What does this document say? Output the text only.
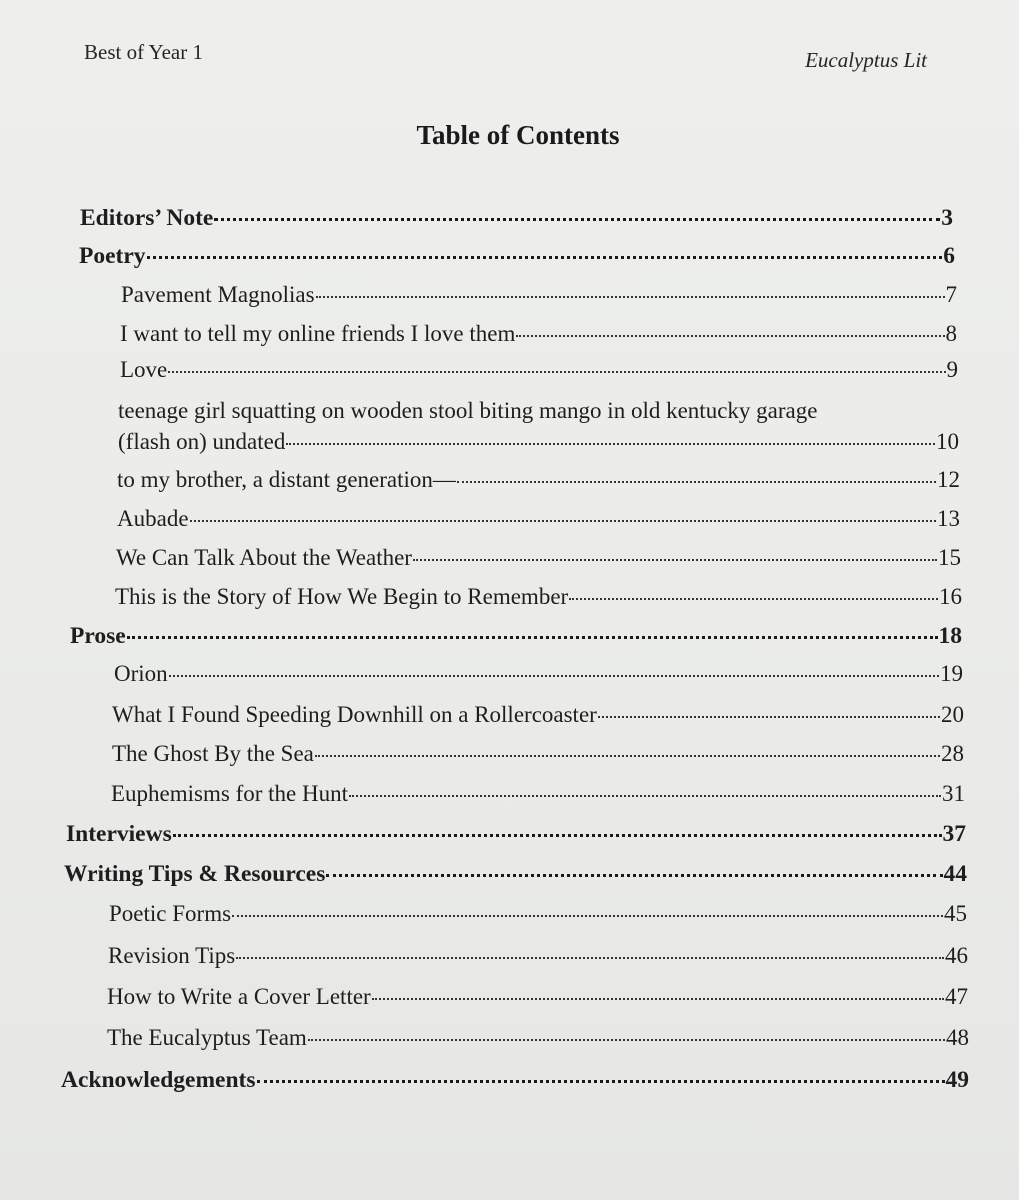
Best of Year 1	Eucalyptus Lit
Table of Contents
Editors’ Note	3
Poetry	6
Pavement Magnolias	7
I want to tell my online friends I love them	8
Love	9
teenage girl squatting on wooden stool biting mango in old kentucky garage
(flash on) undated	10
to my brother, a distant generation—	12
Aubade	13
We Can Talk About the Weather	15
This is the Story of How We Begin to Remember	16
Prose	18
Orion	19
What I Found Speeding Downhill on a Rollercoaster	20
The Ghost By the Sea	28
Euphemisms for the Hunt	31
Interviews	37
Writing Tips & Resources	44
Poetic Forms	45
Revision Tips	46
How to Write a Cover Letter	47
The Eucalyptus Team	48
Acknowledgements	49
